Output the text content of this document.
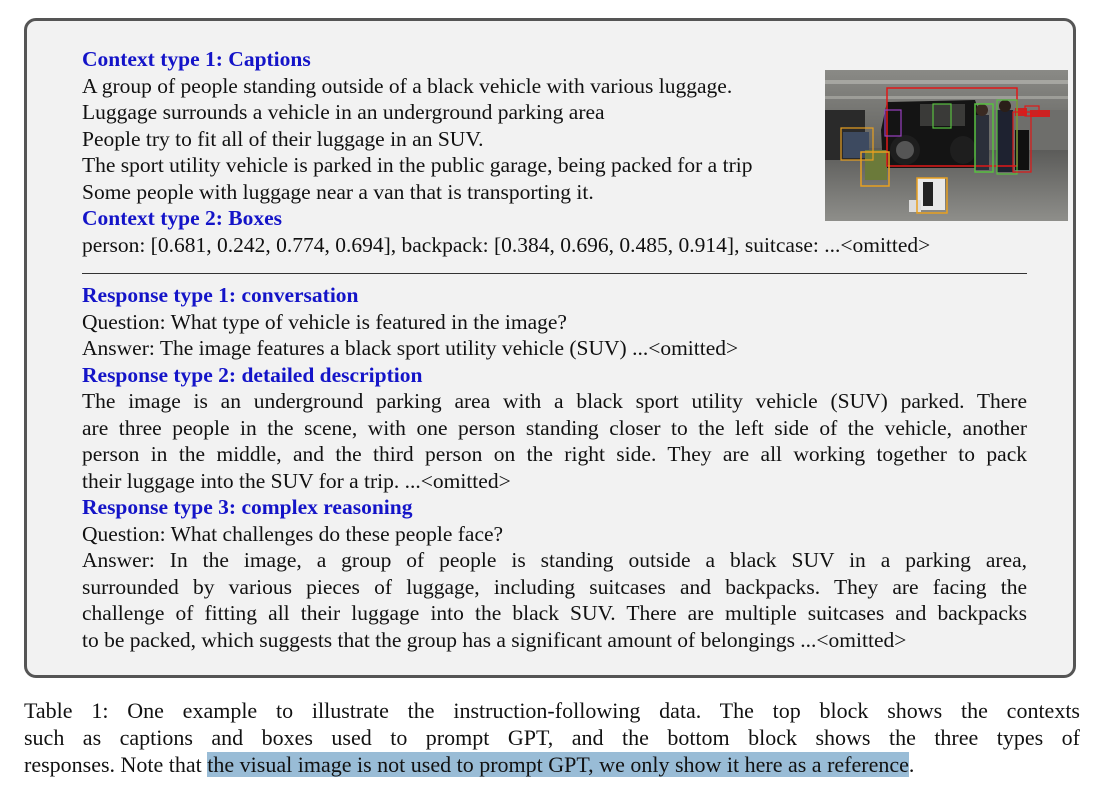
Context type 1: Captions

A group of people standing outside of a black vehicle with various luggage.

Luggage surrounds a vehicle in an underground parking area

People try to fit all of their luggage in an SUV.

The sport utility vehicle is parked in the public garage, being packed for a trip

Some people with luggage near a van that is transporting it.

Context type 2: Boxes

person: [0.681, 0.242, 0.774, 0.694], backpack: [0.384, 0.696, 0.485, 0.914], suitcase: ...<omitted>

Response type 1: conversation

Question: What type of vehicle is featured in the image?

Answer: The image features a black sport utility vehicle (SUV) ...<omitted>

Response type 2: detailed description

The image is an underground parking area with a black sport utility vehicle (SUV) parked. There

are three people in the scene, with one person standing closer to the left side of the vehicle, another

person in the middle, and the third person on the right side. They are all working together to pack

their luggage into the SUV for a trip. ...<omitted>

Response type 3: complex reasoning

Question: What challenges do these people face?

Answer: In the image, a group of people is standing outside a black SUV in a parking area,

surrounded by various pieces of luggage, including suitcases and backpacks. They are facing the

challenge of fitting all their luggage into the black SUV. There are multiple suitcases and backpacks

to be packed, which suggests that the group has a significant amount of belongings ...<omitted>

Table 1: One example to illustrate the instruction-following data. The top block shows the contexts
such as captions and boxes used to prompt GPT, and the bottom block shows the three types of
responses. Note that the visual image is not used to prompt GPT, we only show it here as a reference.
